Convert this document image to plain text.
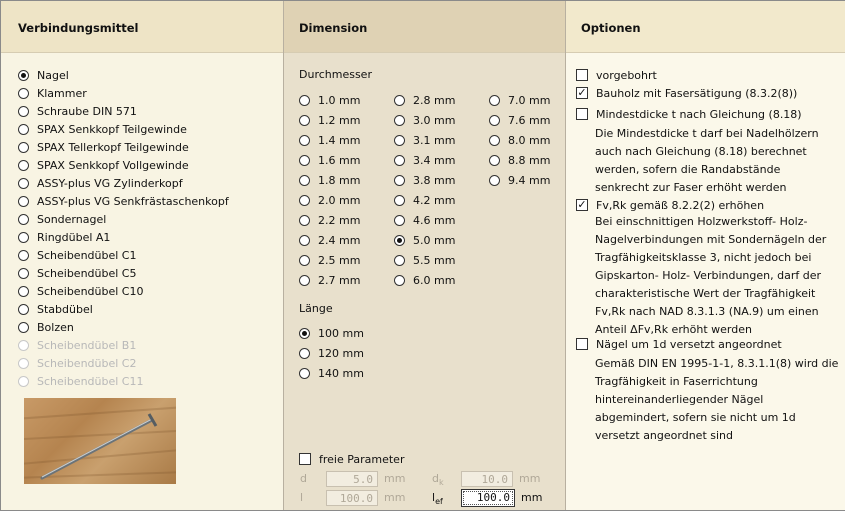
Verbindungsmittel
Nagel
Klammer
Schraube DIN 571
SPAX Senkkopf Teilgewinde
SPAX Tellerkopf Teilgewinde
SPAX Senkkopf Vollgewinde
ASSY-plus VG Zylinderkopf
ASSY-plus VG Senkfrästaschenkopf
Sondernagel
Ringdübel A1
Scheibendübel C1
Scheibendübel C5
Scheibendübel C10
Stabdübel
Bolzen
Scheibendübel B1
Scheibendübel C2
Scheibendübel C11
Dimension
Durchmesser
1.0 mm
1.2 mm
1.4 mm
1.6 mm
1.8 mm
2.0 mm
2.2 mm
2.4 mm
2.5 mm
2.7 mm
2.8 mm
3.0 mm
3.1 mm
3.4 mm
3.8 mm
4.2 mm
4.6 mm
5.0 mm
5.5 mm
6.0 mm
7.0 mm
7.6 mm
8.0 mm
8.8 mm
9.4 mm
Länge
100 mm
120 mm
140 mm
freie Parameter
d	5.0	mm
l	100.0	mm
$d_k$	10.0	mm
$l_{ef}$	100.0	mm
Optionen
vorgebohrt
✓ Bauholz mit Fasersätigung (8.3.2(8))
Mindestdicke t nach Gleichung (8.18)
Die Mindestdicke t darf bei Nadelhölzern
auch nach Gleichung (8.18) berechnet
werden, sofern die Randabstände
senkrecht zur Faser erhöht werden
✓ Fv,Rk gemäß 8.2.2(2) erhöhen
Bei einschnittigen Holzwerkstoff- Holz-
Nagelverbindungen mit Sondernägeln der
Tragfähigkeitsklasse 3, nicht jedoch bei
Gipskarton- Holz- Verbindungen, darf der
charakteristische Wert der Tragfähigkeit
Fv,Rk nach NAD 8.3.1.3 (NA.9) um einen
Anteil ΔFv,Rk erhöht werden
Nägel um 1d versetzt angeordnet
Gemäß DIN EN 1995-1-1, 8.3.1.1(8) wird die
Tragfähigkeit in Faserrichtung
hintereinanderliegender Nägel
abgemindert, sofern sie nicht um 1d
versetzt angeordnet sind
